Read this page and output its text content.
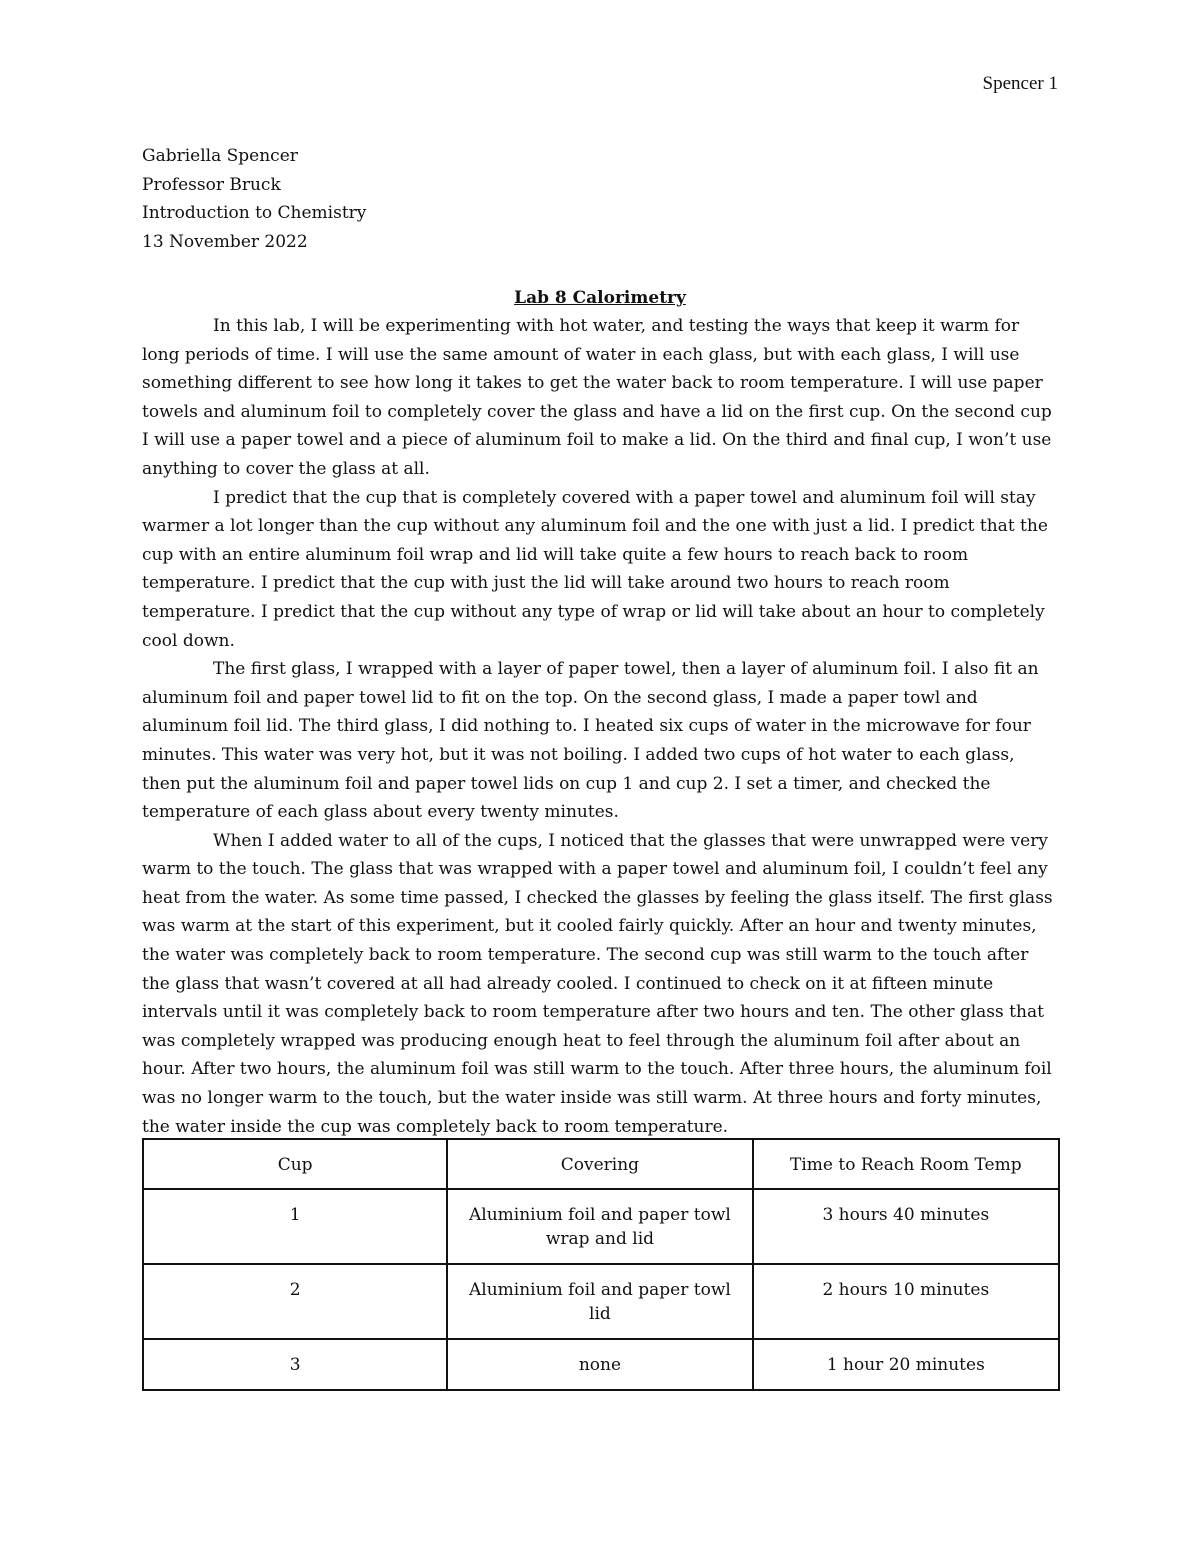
Spencer 1
Gabriella Spencer
Professor Bruck
Introduction to Chemistry
13 November 2022
Lab 8 Calorimetry

In this lab, I will be experimenting with hot water, and testing the ways that keep it warm for long periods of time. I will use the same amount of water in each glass, but with each glass, I will use something different to see how long it takes to get the water back to room temperature. I will use paper towels and aluminum foil to completely cover the glass and have a lid on the first cup. On the second cup I will use a paper towel and a piece of aluminum foil to make a lid. On the third and final cup, I won’t use anything to cover the glass at all.

I predict that the cup that is completely covered with a paper towel and aluminum foil will stay warmer a lot longer than the cup without any aluminum foil and the one with just a lid. I predict that the cup with an entire aluminum foil wrap and lid will take quite a few hours to reach back to room temperature. I predict that the cup with just the lid will take around two hours to reach room temperature. I predict that the cup without any type of wrap or lid will take about an hour to completely cool down.

The first glass, I wrapped with a layer of paper towel, then a layer of aluminum foil. I also fit an aluminum foil and paper towel lid to fit on the top. On the second glass, I made a paper towl and aluminum foil lid. The third glass, I did nothing to. I heated six cups of water in the microwave for four minutes. This water was very hot, but it was not boiling. I added two cups of hot water to each glass, then put the aluminum foil and paper towel lids on cup 1 and cup 2. I set a timer, and checked the temperature of each glass about every twenty minutes.

When I added water to all of the cups, I noticed that the glasses that were unwrapped were very warm to the touch. The glass that was wrapped with a paper towel and aluminum foil, I couldn’t feel any heat from the water. As some time passed, I checked the glasses by feeling the glass itself. The first glass was warm at the start of this experiment, but it cooled fairly quickly. After an hour and twenty minutes, the water was completely back to room temperature. The second cup was still warm to the touch after the glass that wasn’t covered at all had already cooled. I continued to check on it at fifteen minute intervals until it was completely back to room temperature after two hours and ten. The other glass that was completely wrapped was producing enough heat to feel through the aluminum foil after about an hour. After two hours, the aluminum foil was still warm to the touch. After three hours, the aluminum foil was no longer warm to the touch, but the water inside was still warm. At three hours and forty minutes, the water inside the cup was completely back to room temperature.

Cup	Covering	Time to Reach Room Temp
1	Aluminium foil and paper towl wrap and lid	3 hours 40 minutes
2	Aluminium foil and paper towl lid	2 hours 10 minutes
3	none	1 hour 20 minutes
